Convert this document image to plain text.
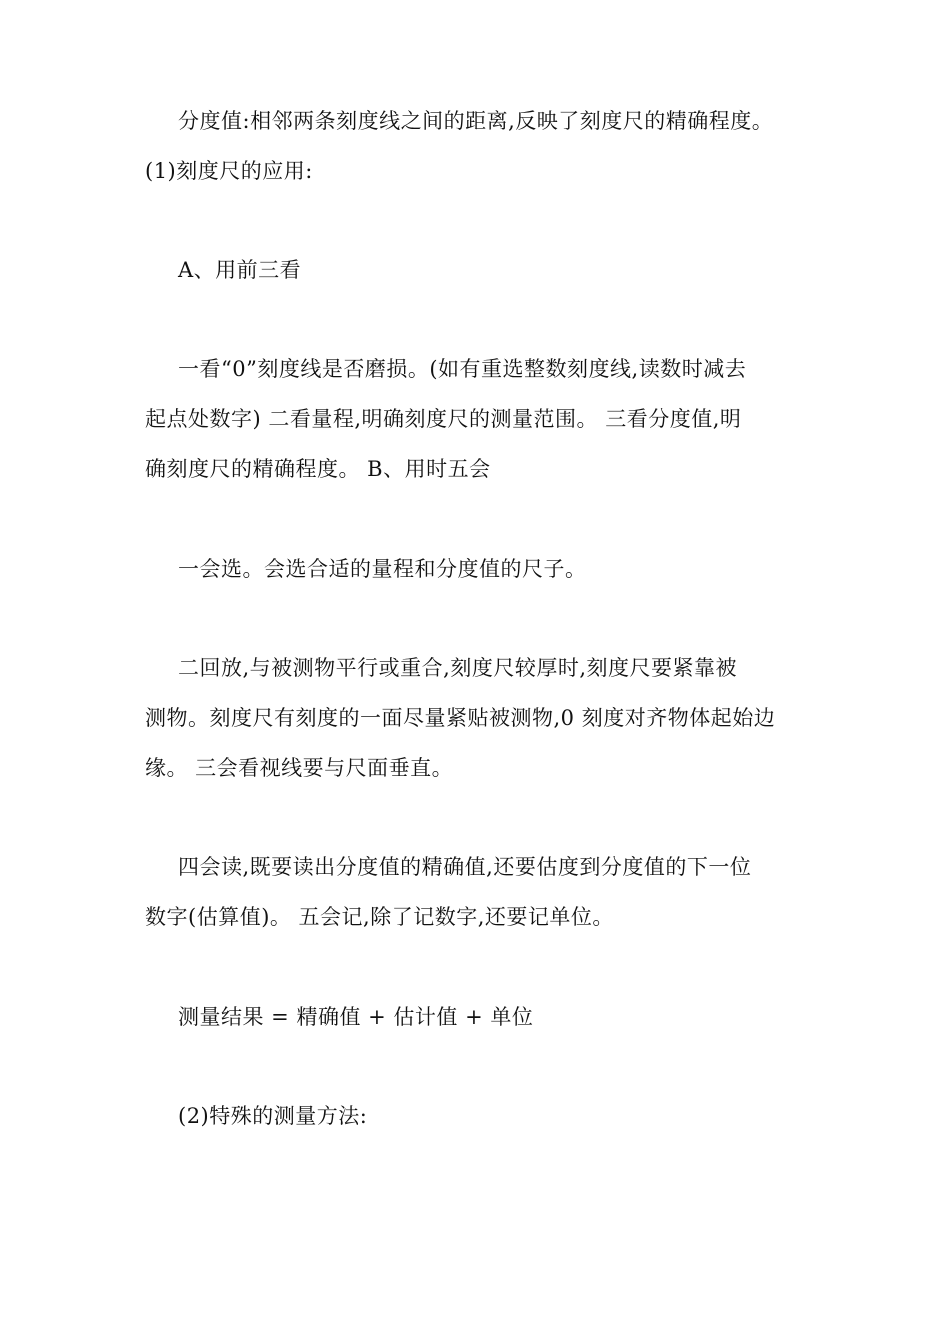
分度值:相邻两条刻度线之间的距离,反映了刻度尺的精确程度。
(1)刻度尺的应用:
A、用前三看
一看“0”刻度线是否磨损。(如有重选整数刻度线,读数时减去
起点处数字) 二看量程,明确刻度尺的测量范围。 三看分度值,明
确刻度尺的精确程度。 B、用时五会
一会选。会选合适的量程和分度值的尺子。
二回放,与被测物平行或重合,刻度尺较厚时,刻度尺要紧靠被
测物。刻度尺有刻度的一面尽量紧贴被测物,0 刻度对齐物体起始边
缘。 三会看视线要与尺面垂直。
四会读,既要读出分度值的精确值,还要估度到分度值的下一位
数字(估算值)。 五会记,除了记数字,还要记单位。
测量结果 = 精确值 + 估计值 + 单位
(2)特殊的测量方法:
